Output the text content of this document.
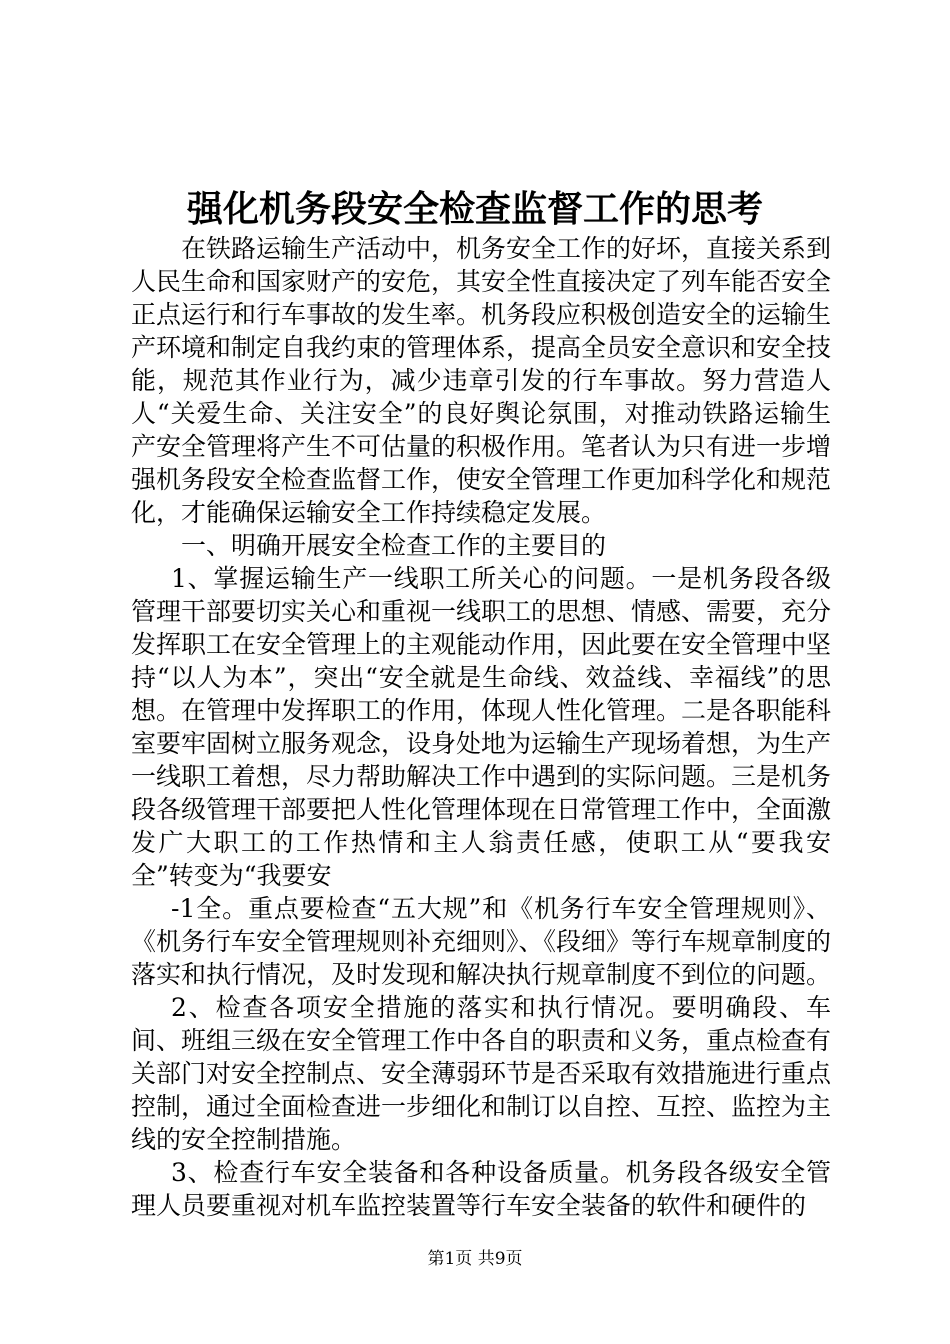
强化机务段安全检查监督工作的思考

在铁路运输生产活动中，机务安全工作的好坏，直接关系到人民生命和国家财产的安危，其安全性直接决定了列车能否安全正点运行和行车事故的发生率。机务段应积极创造安全的运输生产环境和制定自我约束的管理体系，提高全员安全意识和安全技能，规范其作业行为，减少违章引发的行车事故。努力营造人人“关爱生命、关注安全”的良好舆论氛围，对推动铁路运输生产安全管理将产生不可估量的积极作用。笔者认为只有进一步增强机务段安全检查监督工作，使安全管理工作更加科学化和规范化，才能确保运输安全工作持续稳定发展。

一、明确开展安全检查工作的主要目的

1、掌握运输生产一线职工所关心的问题。一是机务段各级管理干部要切实关心和重视一线职工的思想、情感、需要，充分发挥职工在安全管理上的主观能动作用，因此要在安全管理中坚持“以人为本”，突出“安全就是生命线、效益线、幸福线”的思想。在管理中发挥职工的作用，体现人性化管理。二是各职能科室要牢固树立服务观念，设身处地为运输生产现场着想，为生产一线职工着想，尽力帮助解决工作中遇到的实际问题。三是机务段各级管理干部要把人性化管理体现在日常管理工作中，全面激发广大职工的工作热情和主人翁责任感，使职工从“要我安全”转变为“我要安

-1全。重点要检查“五大规”和《机务行车安全管理规则》、《机务行车安全管理规则补充细则》、《段细》等行车规章制度的落实和执行情况，及时发现和解决执行规章制度不到位的问题。

2、检查各项安全措施的落实和执行情况。要明确段、车间、班组三级在安全管理工作中各自的职责和义务，重点检查有关部门对安全控制点、安全薄弱环节是否采取有效措施进行重点控制，通过全面检查进一步细化和制订以自控、互控、监控为主线的安全控制措施。

3、检查行车安全装备和各种设备质量。机务段各级安全管理人员要重视对机车监控装置等行车安全装备的软件和硬件的

第1页 共9页
